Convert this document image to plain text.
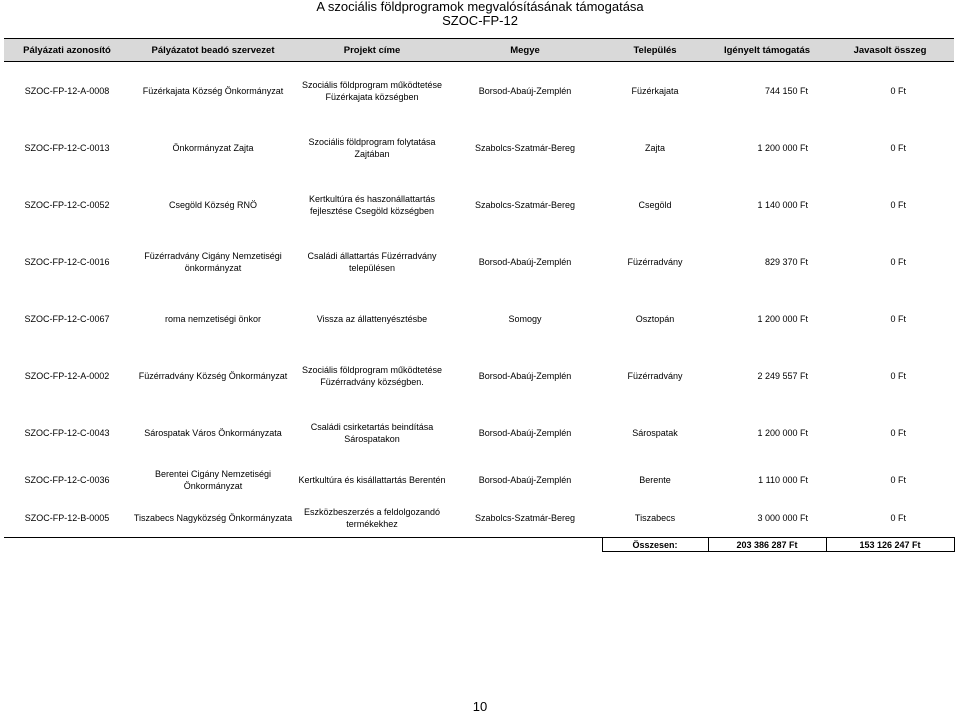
A szociális földprogramok megvalósításának támogatása
SZOC-FP-12
Pályázati azonosító	Pályázatot beadó szervezet	Projekt címe	Megye	Település	Igényelt támogatás	Javasolt összeg
SZOC-FP-12-A-0008	Füzérkajata Község Önkormányzat	Szociális földprogram működtetése Füzérkajata községben	Borsod-Abaúj-Zemplén	Füzérkajata	744 150 Ft	0 Ft
SZOC-FP-12-C-0013	Önkormányzat Zajta	Szociális földprogram folytatása Zajtában	Szabolcs-Szatmár-Bereg	Zajta	1 200 000 Ft	0 Ft
SZOC-FP-12-C-0052	Csegöld Község RNÖ	Kertkultúra és haszonállattartás fejlesztése Csegöld községben	Szabolcs-Szatmár-Bereg	Csegöld	1 140 000 Ft	0 Ft
SZOC-FP-12-C-0016	Füzérradvány Cigány Nemzetiségi önkormányzat	Családi állattartás Füzérradvány településen	Borsod-Abaúj-Zemplén	Füzérradvány	829 370 Ft	0 Ft
SZOC-FP-12-C-0067	roma nemzetiségi önkor	Vissza az állattenyésztésbe	Somogy	Osztopán	1 200 000 Ft	0 Ft
SZOC-FP-12-A-0002	Füzérradvány Község Önkormányzat	Szociális földprogram működtetése Füzérradvány községben.	Borsod-Abaúj-Zemplén	Füzérradvány	2 249 557 Ft	0 Ft
SZOC-FP-12-C-0043	Sárospatak Város Önkormányzata	Családi csirketartás beindítása Sárospatakon	Borsod-Abaúj-Zemplén	Sárospatak	1 200 000 Ft	0 Ft
SZOC-FP-12-C-0036	Berentei Cigány Nemzetiségi Önkormányzat	Kertkultúra és kisállattartás Berentén	Borsod-Abaúj-Zemplén	Berente	1 110 000 Ft	0 Ft
SZOC-FP-12-B-0005	Tiszabecs Nagyközség Önkormányzata	Eszközbeszerzés a feldolgozandó termékekhez	Szabolcs-Szatmár-Bereg	Tiszabecs	3 000 000 Ft	0 Ft
				Összesen:	203 386 287 Ft	153 126 247 Ft
10
